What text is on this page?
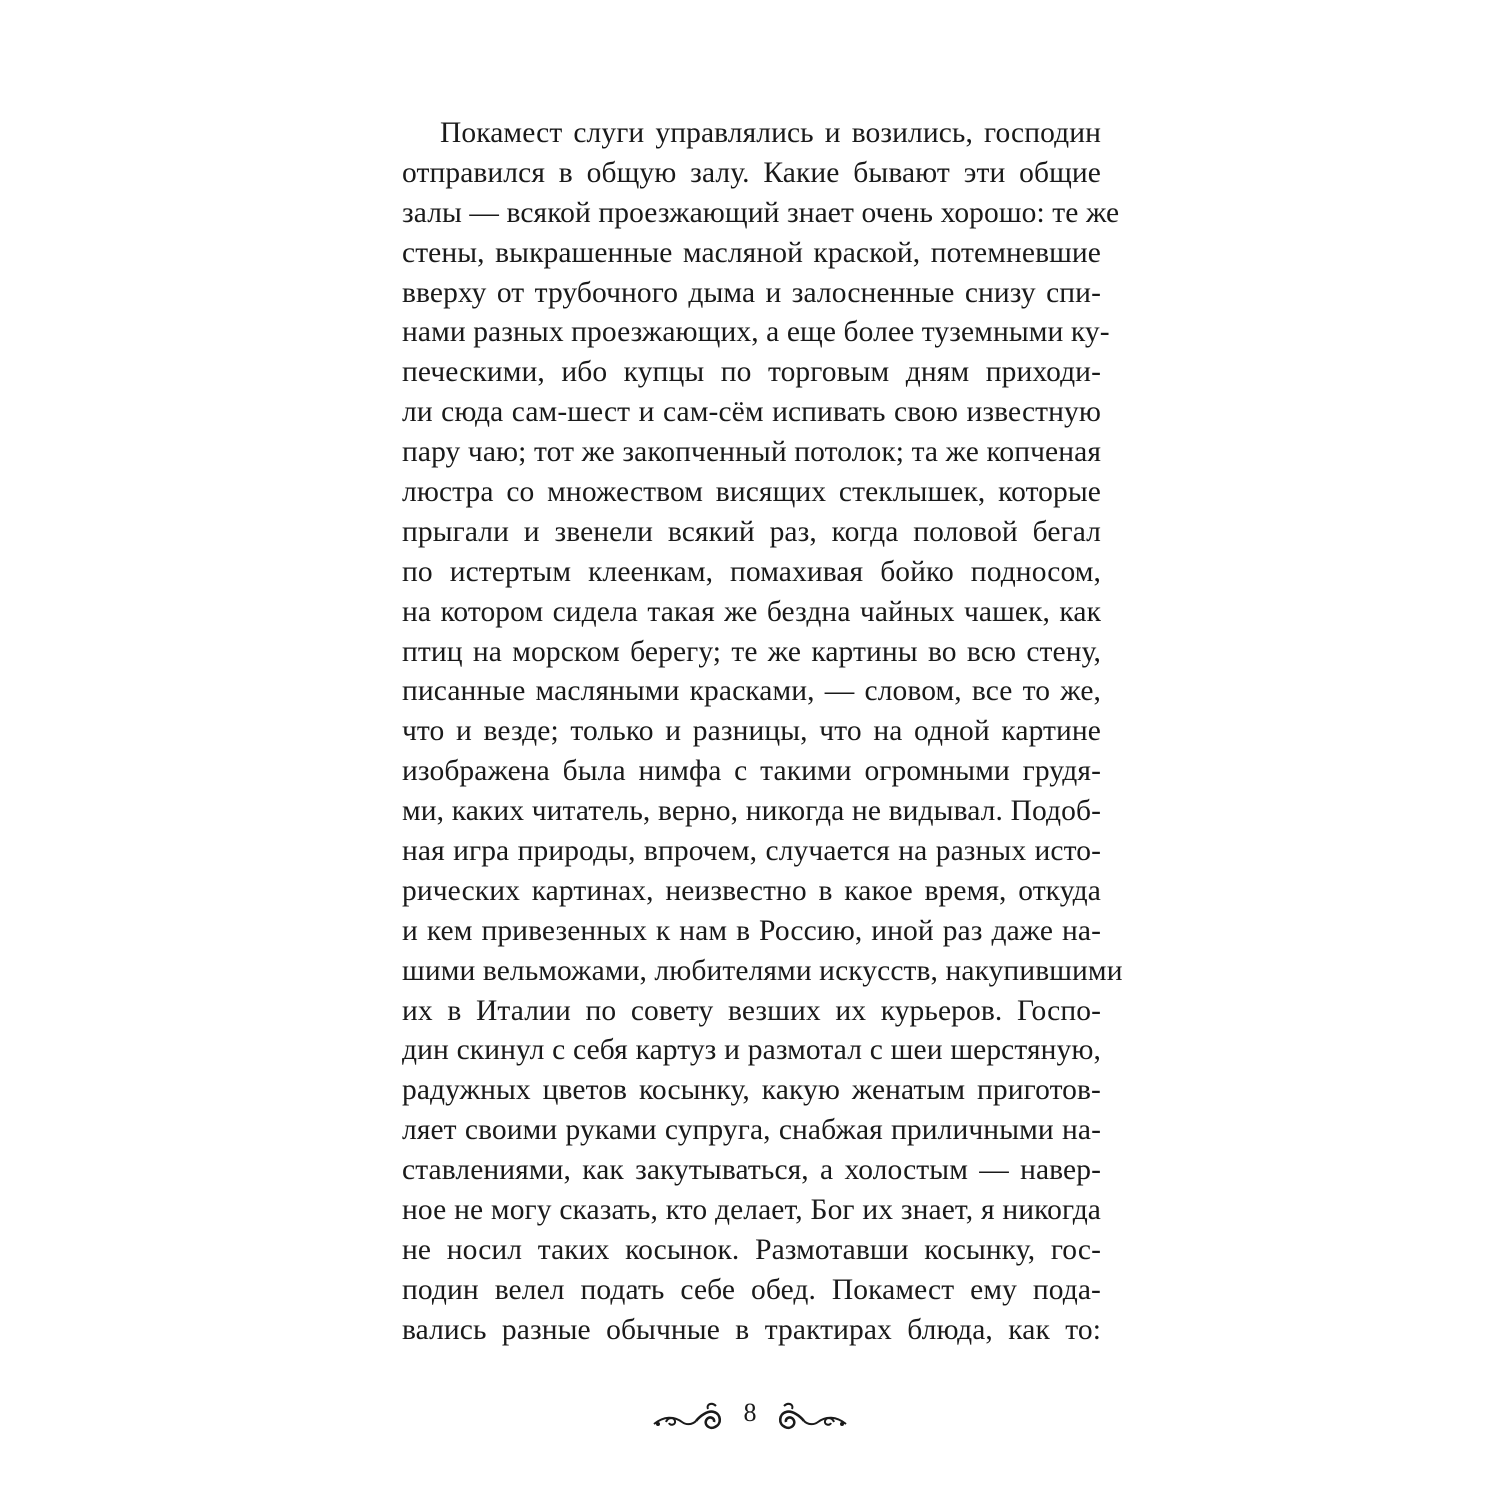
Покамест слуги управлялись и возились, господин
отправился в общую залу. Какие бывают эти общие
залы — всякой проезжающий знает очень хорошо: те же
стены, выкрашенные масляной краской, потемневшие
вверху от трубочного дыма и залосненные снизу спи-
нами разных проезжающих, а еще более туземными ку-
печескими, ибо купцы по торговым дням приходи-
ли сюда сам-шест и сам-сём испивать свою известную
пару чаю; тот же закопченный потолок; та же копченая
люстра со множеством висящих стеклышек, которые
прыгали и звенели всякий раз, когда половой бегал
по истертым клеенкам, помахивая бойко подносом,
на котором сидела такая же бездна чайных чашек, как
птиц на морском берегу; те же картины во всю стену,
писанные масляными красками, — словом, все то же,
что и везде; только и разницы, что на одной картине
изображена была нимфа с такими огромными грудя-
ми, каких читатель, верно, никогда не видывал. Подоб-
ная игра природы, впрочем, случается на разных исто-
рических картинах, неизвестно в какое время, откуда
и кем привезенных к нам в Россию, иной раз даже на-
шими вельможами, любителями искусств, накупившими
их в Италии по совету везших их курьеров. Госпо-
дин скинул с себя картуз и размотал с шеи шерстяную,
радужных цветов косынку, какую женатым приготов-
ляет своими руками супруга, снабжая приличными на-
ставлениями, как закутываться, а холостым — навер-
ное не могу сказать, кто делает, Бог их знает, я никогда
не носил таких косынок. Размотавши косынку, гос-
подин велел подать себе обед. Покамест ему пода-
вались разные обычные в трактирах блюда, как то:
8
